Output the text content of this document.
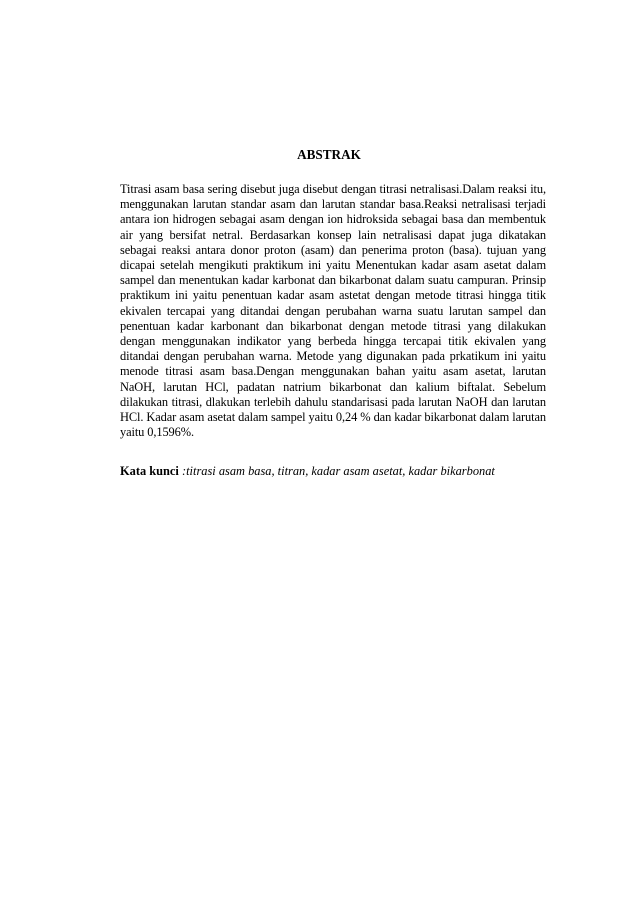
ABSTRAK

Titrasi asam basa sering disebut juga disebut dengan titrasi netralisasi.Dalam reaksi itu, menggunakan larutan standar asam dan larutan standar basa.Reaksi netralisasi terjadi antara ion hidrogen sebagai asam dengan ion hidroksida sebagai basa dan membentuk air yang bersifat netral. Berdasarkan konsep lain netralisasi dapat juga dikatakan sebagai reaksi antara donor proton (asam) dan penerima proton (basa). tujuan yang dicapai setelah mengikuti praktikum ini yaitu Menentukan kadar asam asetat dalam sampel dan menentukan kadar karbonat dan bikarbonat dalam suatu campuran. Prinsip praktikum ini yaitu penentuan kadar asam astetat dengan metode titrasi hingga titik ekivalen tercapai yang ditandai dengan perubahan warna suatu larutan sampel dan penentuan kadar karbonant dan bikarbonat dengan metode titrasi yang dilakukan dengan menggunakan indikator yang berbeda hingga tercapai titik ekivalen yang ditandai dengan perubahan warna. Metode yang digunakan pada prkatikum ini yaitu menode titrasi asam basa.Dengan menggunakan bahan yaitu asam asetat, larutan NaOH, larutan HCl, padatan natrium bikarbonat dan kalium biftalat. Sebelum dilakukan titrasi, dlakukan terlebih dahulu standarisasi pada larutan NaOH dan larutan HCl. Kadar asam asetat dalam sampel yaitu 0,24 % dan kadar bikarbonat dalam larutan yaitu 0,1596%.

Kata kunci :titrasi asam basa, titran, kadar asam asetat, kadar bikarbonat
